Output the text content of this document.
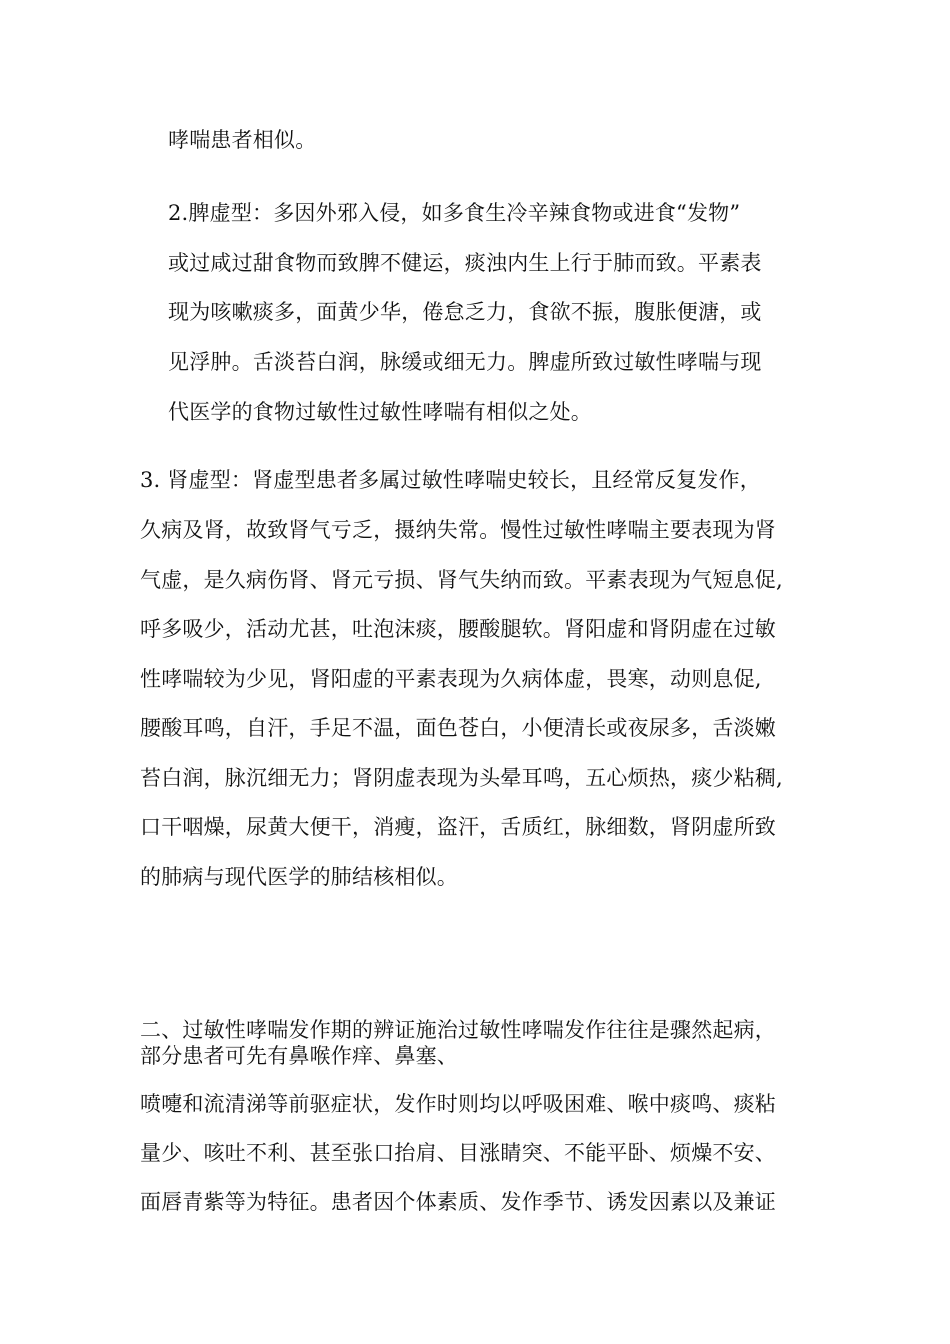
哮喘患者相似。
2.脾虚型：多因外邪入侵，如多食生冷辛辣食物或进食“发物”
或过咸过甜食物而致脾不健运，痰浊内生上行于肺而致。平素表
现为咳嗽痰多，面黄少华，倦怠乏力，食欲不振，腹胀便溏，或
见浮肿。舌淡苔白润，脉缓或细无力。脾虚所致过敏性哮喘与现
代医学的食物过敏性过敏性哮喘有相似之处。
3. 肾虚型：肾虚型患者多属过敏性哮喘史较长，且经常反复发作，
久病及肾，故致肾气亏乏，摄纳失常。慢性过敏性哮喘主要表现为肾
气虚，是久病伤肾、肾元亏损、肾气失纳而致。平素表现为气短息促,
呼多吸少，活动尤甚，吐泡沫痰，腰酸腿软。肾阳虚和肾阴虚在过敏
性哮喘较为少见，肾阳虚的平素表现为久病体虚，畏寒，动则息促,
腰酸耳鸣，自汗，手足不温，面色苍白，小便清长或夜尿多，舌淡嫩
苔白润，脉沉细无力；肾阴虚表现为头晕耳鸣，五心烦热，痰少粘稠,
口干咽燥，尿黄大便干，消瘦，盗汗，舌质红，脉细数，肾阴虚所致
的肺病与现代医学的肺结核相似。
二、过敏性哮喘发作期的辨证施治过敏性哮喘发作往往是骤然起病，
部分患者可先有鼻喉作痒、鼻塞、
喷嚏和流清涕等前驱症状，发作时则均以呼吸困难、喉中痰鸣、痰粘
量少、咳吐不利、甚至张口抬肩、目涨睛突、不能平卧、烦燥不安、
面唇青紫等为特征。患者因个体素质、发作季节、诱发因素以及兼证
